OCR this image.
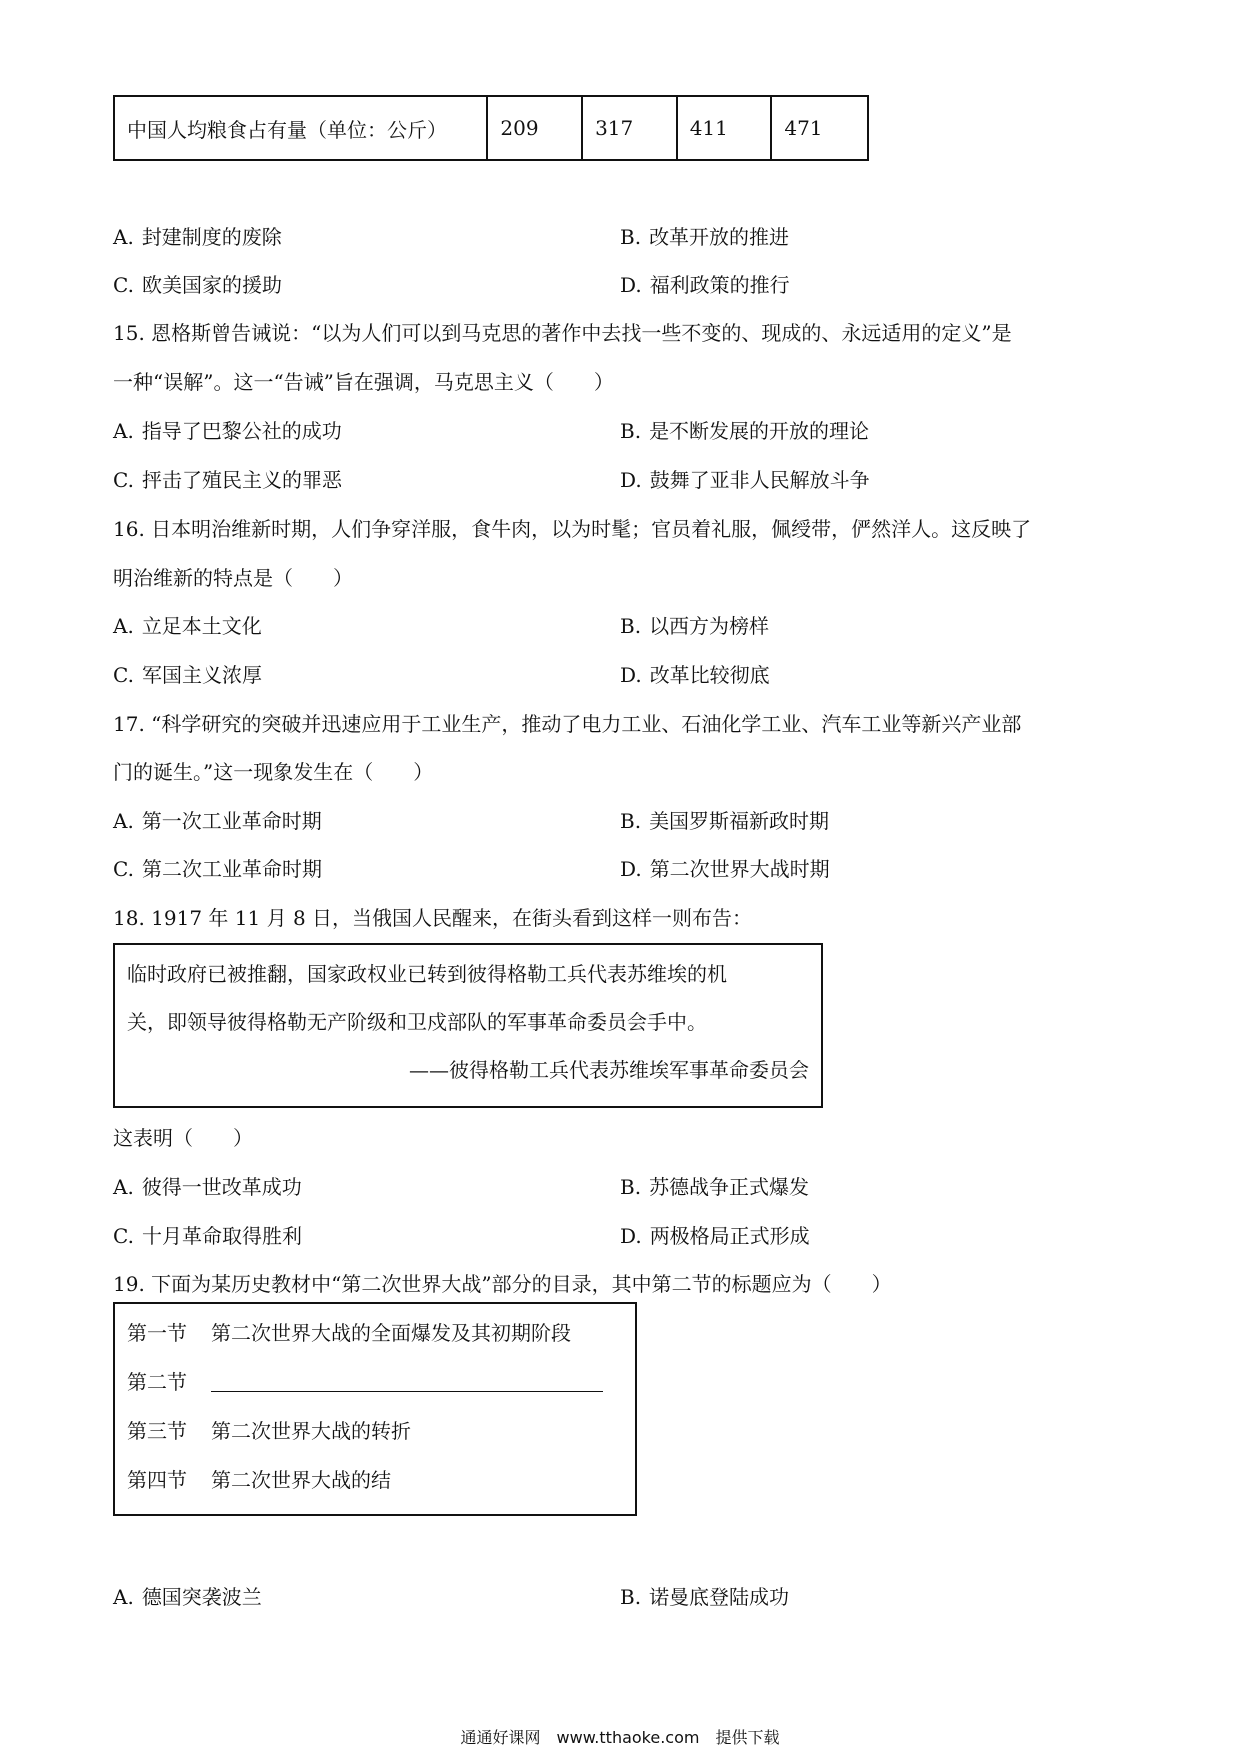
中国人均粮食占有量（单位：公斤）	209	317	411	471
A. 封建制度的废除	B. 改革开放的推进
C. 欧美国家的援助	D. 福利政策的推行
15. 恩格斯曾告诫说：“以为人们可以到马克思的著作中去找一些不变的、现成的、永远适用的定义”是
一种“误解”。这一“告诫”旨在强调，马克思主义（　　）
A. 指导了巴黎公社的成功	B. 是不断发展的开放的理论
C. 抨击了殖民主义的罪恶	D. 鼓舞了亚非人民解放斗争
16. 日本明治维新时期，人们争穿洋服，食牛肉，以为时髦；官员着礼服，佩绶带，俨然洋人。这反映了
明治维新的特点是（　　）
A. 立足本土文化	B. 以西方为榜样
C. 军国主义浓厚	D. 改革比较彻底
17. “科学研究的突破并迅速应用于工业生产，推动了电力工业、石油化学工业、汽车工业等新兴产业部
门的诞生。”这一现象发生在（　　）
A. 第一次工业革命时期	B. 美国罗斯福新政时期
C. 第二次工业革命时期	D. 第二次世界大战时期
18. 1917 年 11 月 8 日，当俄国人民醒来，在街头看到这样一则布告：
临时政府已被推翻，国家政权业已转到彼得格勒工兵代表苏维埃的机
关，即领导彼得格勒无产阶级和卫戍部队的军事革命委员会手中。
——彼得格勒工兵代表苏维埃军事革命委员会
这表明（　　）
A. 彼得一世改革成功	B. 苏德战争正式爆发
C. 十月革命取得胜利	D. 两极格局正式形成
19. 下面为某历史教材中“第二次世界大战”部分的目录，其中第二节的标题应为（　　）
第一节	第二次世界大战的全面爆发及其初期阶段
第二节
第三节	第二次世界大战的转折
第四节	第二次世界大战的结
A. 德国突袭波兰	B. 诺曼底登陆成功
通通好课网　www.tthaoke.com　提供下载
